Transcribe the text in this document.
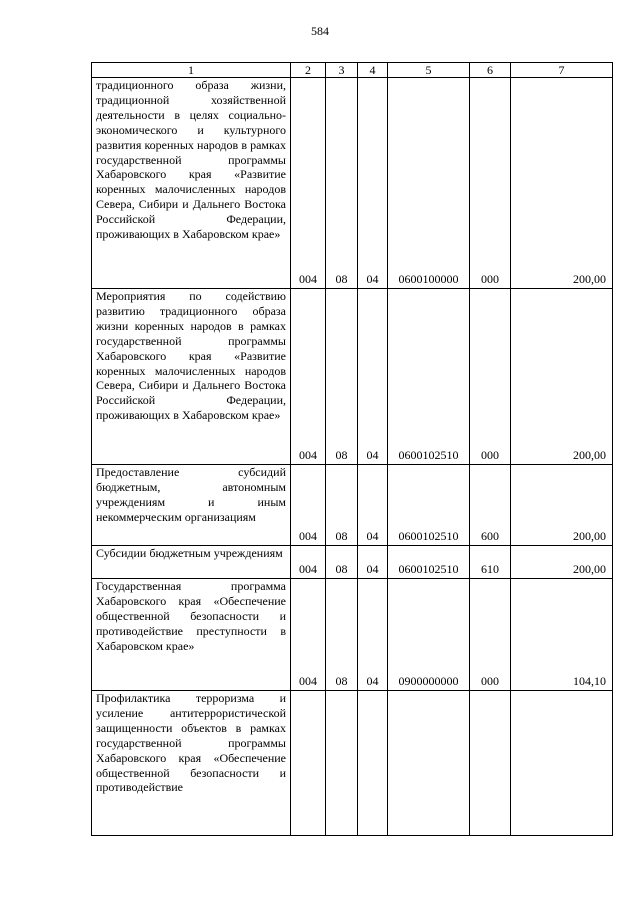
584
1	2	3	4	5	6	7
традиционного образа жизни, традиционной хозяйственной деятельности в целях социально-экономического и культурного развития коренных народов в рамках государственной программы Хабаровского края «Развитие коренных малочисленных народов Севера, Сибири и Дальнего Востока Российской Федерации, проживающих в Хабаровском крае»	004	08	04	0600100000	000	200,00
Мероприятия по содействию развитию традиционного образа жизни коренных народов в рамках государственной программы Хабаровского края «Развитие коренных малочисленных народов Севера, Сибири и Дальнего Востока Российской Федерации, проживающих в Хабаровском крае»	004	08	04	0600102510	000	200,00
Предоставление субсидий бюджетным, автономным учреждениям и иным некоммерческим организациям	004	08	04	0600102510	600	200,00
Субсидии бюджетным учреждениям	004	08	04	0600102510	610	200,00
Государственная программа Хабаровского края «Обеспечение общественной безопасности и противодействие преступности в Хабаровском крае»	004	08	04	0900000000	000	104,10
Профилактика терроризма и усиление антитеррористической защищенности объектов в рамках государственной программы Хабаровского края «Обеспечение общественной безопасности и противодействие						
